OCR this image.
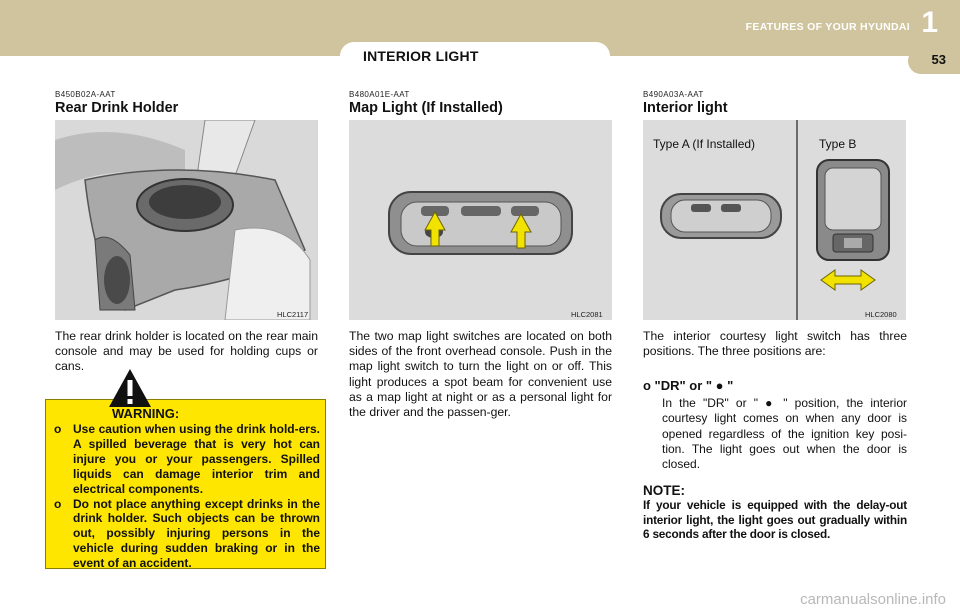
INTERIOR LIGHT
FEATURES OF YOUR HYUNDAI 1
53
B450B02A-AAT
Rear Drink Holder
HLC2117
The rear drink holder is located on the rear main console and may be used for holding cups or cans.
WARNING:
o Use caution when using the drink hold-ers. A spilled beverage that is very hot can injure you or your passengers. Spilled liquids can damage interior trim and electrical components.
o Do not place anything except drinks in the drink holder. Such objects can be thrown out, possibly injuring persons in the vehicle during sudden braking or in the event of an accident.
B480A01E-AAT
Map Light (If Installed)
HLC2081
The two map light switches are located on both sides of the front overhead console. Push in the map light switch to turn the light on or off. This light produces a spot beam for convenient use as a map light at night or as a personal light for the driver and the passen-ger.
B490A03A-AAT
Interior light
Type A (If Installed)	Type B
HLC2080
The interior courtesy light switch has three positions. The three positions are:
o "DR" or " ● "
In the "DR" or " ● " position, the interior courtesy light comes on when any door is opened regardless of the ignition key posi-tion. The light goes out when the door is closed.
NOTE:
If your vehicle is equipped with the delay-out interior light, the light goes out gradually within 6 seconds after the door is closed.
carmanualsonline.info
